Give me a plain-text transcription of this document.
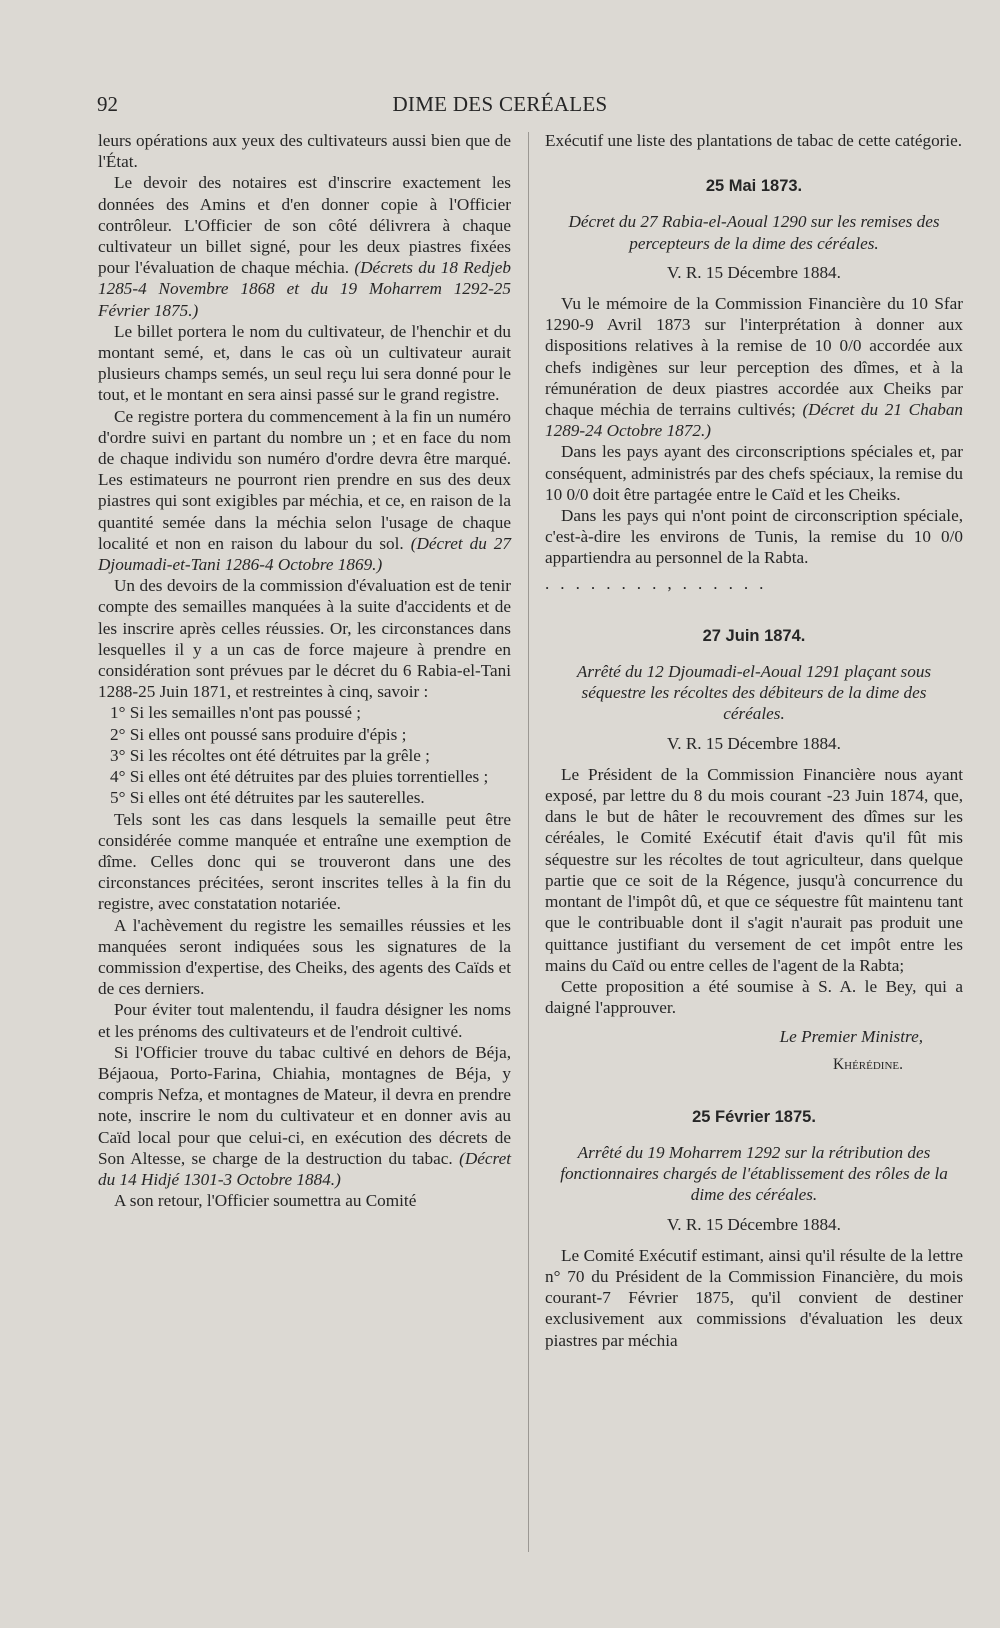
92	DIME DES CERÉALES

leurs opérations aux yeux des cultivateurs aussi bien que de l'État.

Le devoir des notaires est d'inscrire exactement les données des Amins et d'en donner copie à l'Officier contrôleur. L'Officier de son côté délivrera à chaque cultivateur un billet signé, pour les deux piastres fixées pour l'évaluation de chaque méchia. (Décrets du 18 Redjeb 1285-4 Novembre 1868 et du 19 Moharrem 1292-25 Février 1875.)

Le billet portera le nom du cultivateur, de l'henchir et du montant semé, et, dans le cas où un cultivateur aurait plusieurs champs semés, un seul reçu lui sera donné pour le tout, et le montant en sera ainsi passé sur le grand registre.

Ce registre portera du commencement à la fin un numéro d'ordre suivi en partant du nombre un ; et en face du nom de chaque individu son numéro d'ordre devra être marqué. Les estimateurs ne pourront rien prendre en sus des deux piastres qui sont exigibles par méchia, et ce, en raison de la quantité semée dans la méchia selon l'usage de chaque localité et non en raison du labour du sol. (Décret du 27 Djoumadi-et-Tani 1286-4 Octobre 1869.)

Un des devoirs de la commission d'évaluation est de tenir compte des semailles manquées à la suite d'accidents et de les inscrire après celles réussies. Or, les circonstances dans lesquelles il y a un cas de force majeure à prendre en considération sont prévues par le décret du 6 Rabia-el-Tani 1288-25 Juin 1871, et restreintes à cinq, savoir :

1° Si les semailles n'ont pas poussé ;

2° Si elles ont poussé sans produire d'épis ;

3° Si les récoltes ont été détruites par la grêle ;

4° Si elles ont été détruites par des pluies torrentielles ;

5° Si elles ont été détruites par les sauterelles.

Tels sont les cas dans lesquels la semaille peut être considérée comme manquée et entraîne une exemption de dîme. Celles donc qui se trouveront dans une des circonstances précitées, seront inscrites telles à la fin du registre, avec constatation notariée.

A l'achèvement du registre les semailles réussies et les manquées seront indiquées sous les signatures de la commission d'expertise, des Cheiks, des agents des Caïds et de ces derniers.

Pour éviter tout malentendu, il faudra désigner les noms et les prénoms des cultivateurs et de l'endroit cultivé.

Si l'Officier trouve du tabac cultivé en dehors de Béja, Béjaoua, Porto-Farina, Chiahia, montagnes de Béja, y compris Nefza, et montagnes de Mateur, il devra en prendre note, inscrire le nom du cultivateur et en donner avis au Caïd local pour que celui-ci, en exécution des décrets de Son Altesse, se charge de la destruction du tabac. (Décret du 14 Hidjé 1301-3 Octobre 1884.)

A son retour, l'Officier soumettra au Comité

Exécutif une liste des plantations de tabac de cette catégorie.

25 Mai 1873.

Décret du 27 Rabia-el-Aoual 1290 sur les remises des percepteurs de la dime des céréales.

V. R. 15 Décembre 1884.

Vu le mémoire de la Commission Financière du 10 Sfar 1290-9 Avril 1873 sur l'interprétation à donner aux dispositions relatives à la remise de 10 0/0 accordée aux chefs indigènes sur leur perception des dîmes, et à la rémunération de deux piastres accordée aux Cheiks par chaque méchia de terrains cultivés; (Décret du 21 Chaban 1289-24 Octobre 1872.)

Dans les pays ayant des circonscriptions spéciales et, par conséquent, administrés par des chefs spéciaux, la remise du 10 0/0 doit être partagée entre le Caïd et les Cheiks.

Dans les pays qui n'ont point de circonscription spéciale, c'est-à-dire les environs de Tunis, la remise du 10 0/0 appartiendra au personnel de la Rabta.

........,......

27 Juin 1874.

Arrêté du 12 Djoumadi-el-Aoual 1291 plaçant sous séquestre les récoltes des débiteurs de la dime des céréales.

V. R. 15 Décembre 1884.

Le Président de la Commission Financière nous ayant exposé, par lettre du 8 du mois courant -23 Juin 1874, que, dans le but de hâter le recouvrement des dîmes sur les céréales, le Comité Exécutif était d'avis qu'il fût mis séquestre sur les récoltes de tout agriculteur, dans quelque partie que ce soit de la Régence, jusqu'à concurrence du montant de l'impôt dû, et que ce séquestre fût maintenu tant que le contribuable dont il s'agit n'aurait pas produit une quittance justifiant du versement de cet impôt entre les mains du Caïd ou entre celles de l'agent de la Rabta;

Cette proposition a été soumise à S. A. le Bey, qui a daigné l'approuver.

Le Premier Ministre,

Khérédine.

25 Février 1875.

Arrêté du 19 Moharrem 1292 sur la rétribution des fonctionnaires chargés de l'établissement des rôles de la dime des céréales.

V. R. 15 Décembre 1884.

Le Comité Exécutif estimant, ainsi qu'il résulte de la lettre n° 70 du Président de la Commission Financière, du mois courant-7 Février 1875, qu'il convient de destiner exclusivement aux commissions d'évaluation les deux piastres par méchia
